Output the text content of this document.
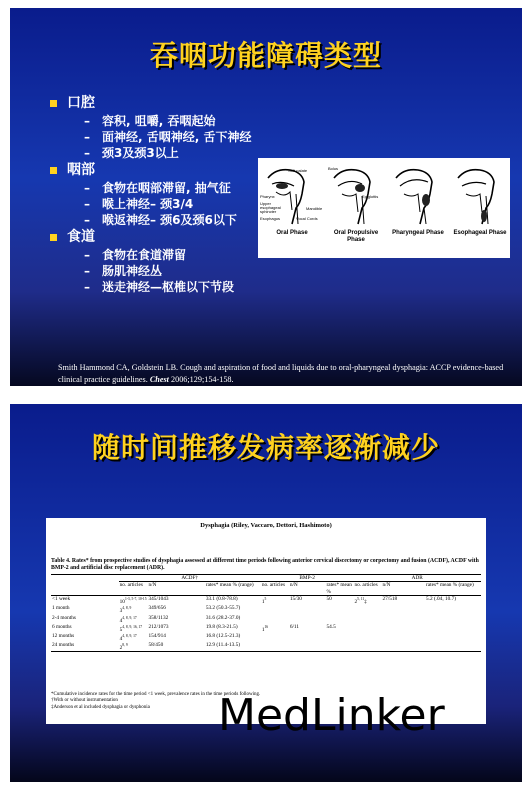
吞咽功能障碍类型
口腔
–	容积, 咀嚼, 吞咽起始
–	面神经, 舌咽神经, 舌下神经
–	颈3及颈3以上
咽部
–	食物在咽部滞留, 抽气征
–	喉上神经– 颈3/4
–	喉返神经– 颈6及颈6以下
食道
–	食物在食道滞留
–	肠肌神经丛
–	迷走神经—枢椎以下节段
Soft palate
Pharynx
Upper esophageal sphincter
Esophagus
Mandible
Vocal Cords
Oral Phase
Bolus
Epiglottis
Oral Propulsive Phase
Pharyngeal Phase	Esophageal Phase
Smith Hammond CA, Goldstein LB. Cough and aspiration of food and liquids due to oral-pharyngeal dysphagia: ACCP evidence-based clinical practice guidelines. Chest 2006;129;154-158.
随时间推移发病率逐渐减少
Dysphagia (Riley, Vaccaro, Dettori, Hashimoto)
Table 4. Rates* from prospective studies of dysphagia assessed at different time periods following anterior cervical discectomy or corpectomy and fusion (ACDF), ACDF with BMP-2 and artificial disc replacement (ADR).
	ACDF†			BMP-2			ADR		
	no. articles	n/N	rates* mean % (range)	no. articles	n/N	rates* mean %	no. articles	n/N	rates* mean % (range)
<1 week	10$^{1-3, 5-7, 10-15}$	345/1043	33.1 (0.8-78.8)	$1^5$	15/30	50	2$^{5, 11}$‡	27/518	5.2 (.04, 10.7)
1 month	3$^{4, 8, 9}$	349/656	53.2 (50.3-55.7)						
2-4 months	4$^{4, 8, 9, 17}$	358/1132	31.6 (28.2-37.0)						
6 months	5$^{4, 8, 9, 16, 17}$	212/1073	19.8 (8.3-21.5)	$1^{16}$	6/11	54.5			
12 months	4$^{4, 8, 9, 17}$	154/914	16.8 (12.5-21.3)						
24 months	2$^{8, 9}$	58/450	12.9 (11.4-13.5)						
*Cumulative incidence rates for the time period <1 week, prevalence rates in the time periods following.
†With or without instrumentation
‡Anderson et al included dysphagia or dysphonia	MedLinker
